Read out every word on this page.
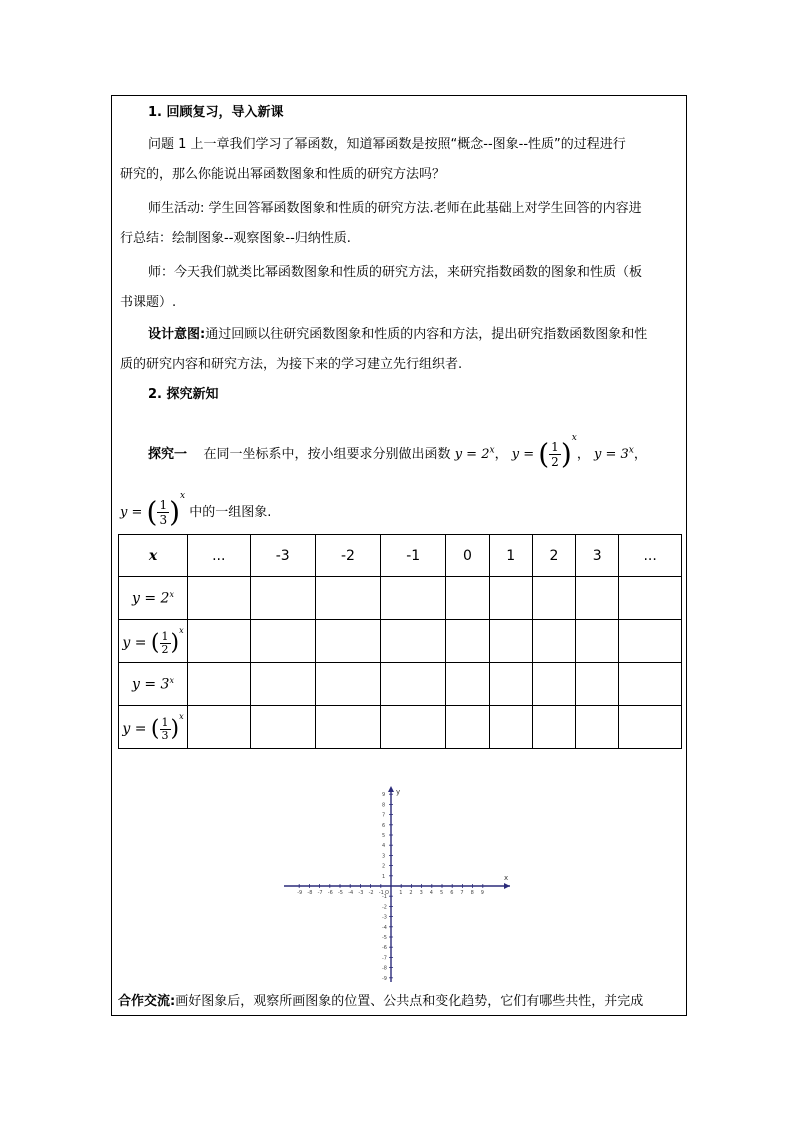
1. 回顾复习，导入新课
问题 1 上一章我们学习了幂函数，知道幂函数是按照“概念--图象--性质”的过程进行
研究的，那么你能说出幂函数图象和性质的研究方法吗？
师生活动: 学生回答幂函数图象和性质的研究方法.老师在此基础上对学生回答的内容进
行总结：绘制图象--观察图象--归纳性质.
师：今天我们就类比幂函数图象和性质的研究方法，来研究指数函数的图象和性质（板
书课题）.
设计意图:通过回顾以往研究函数图象和性质的内容和方法，提出研究指数函数图象和性
质的研究内容和研究方法，为接下来的学习建立先行组织者.
2. 探究新知
探究一 在同一坐标系中，按小组要求分别做出函数 $y = 2^x$， y = ( $\frac{1}{2} )^x$， $y = 3^x$，
y = ( $\frac{1}{3} )^x$ 中的一组图象.
x	...	-3	-2	-1	0	1	2	3	...
$y = 2^x$									
y = ( $\frac{1}{2} )^x$									
$y = 3^x$									
y = ( $\frac{1}{3} )^x$									
x
y
-9 -8 -7 -6 -5 -4 -3 -2 -1	1 2 3 4 5 6 7 8 9
9
8
7
6
5
4
3
2
1
-1
-2
-3
-4
-5
-6
-7
-8
-9
O
合作交流:画好图象后，观察所画图象的位置、公共点和变化趋势，它们有哪些共性，并完成
